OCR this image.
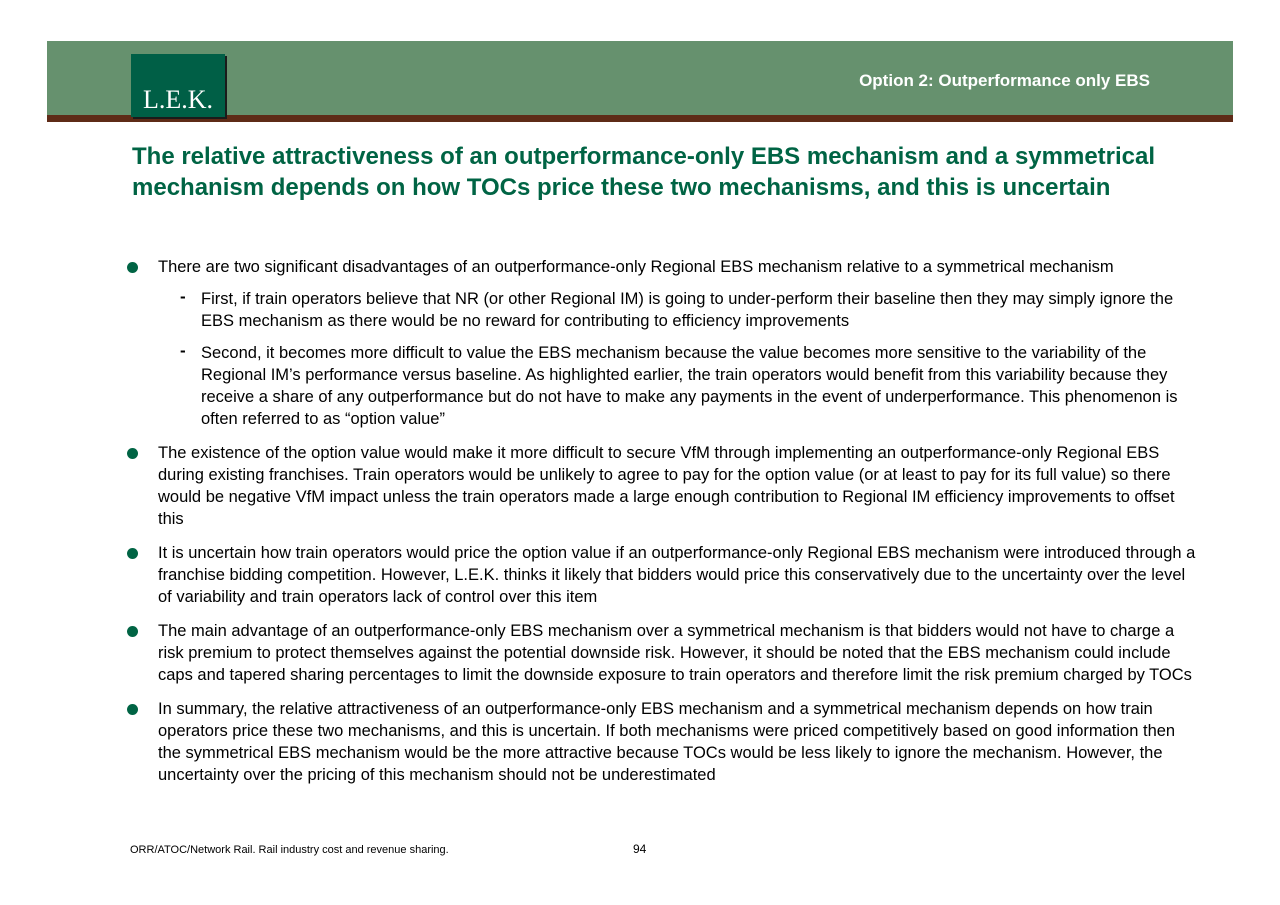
L.E.K.
Option 2: Outperformance only EBS
The relative attractiveness of an outperformance-only EBS mechanism and a symmetrical mechanism depends on how TOCs price these two mechanisms, and this is uncertain
There are two significant disadvantages of an outperformance-only Regional EBS mechanism relative to a symmetrical mechanism
- First, if train operators believe that NR (or other Regional IM) is going to under-perform their baseline then they may simply ignore the EBS mechanism as there would be no reward for contributing to efficiency improvements
- Second, it becomes more difficult to value the EBS mechanism because the value becomes more sensitive to the variability of the Regional IM’s performance versus baseline. As highlighted earlier, the train operators would benefit from this variability because they receive a share of any outperformance but do not have to make any payments in the event of underperformance. This phenomenon is often referred to as “option value”
The existence of the option value would make it more difficult to secure VfM through implementing an outperformance-only Regional EBS during existing franchises. Train operators would be unlikely to agree to pay for the option value (or at least to pay for its full value) so there would be negative VfM impact unless the train operators made a large enough contribution to Regional IM efficiency improvements to offset this
It is uncertain how train operators would price the option value if an outperformance-only Regional EBS mechanism were introduced through a franchise bidding competition. However, L.E.K. thinks it likely that bidders would price this conservatively due to the uncertainty over the level of variability and train operators lack of control over this item
The main advantage of an outperformance-only EBS mechanism over a symmetrical mechanism is that bidders would not have to charge a risk premium to protect themselves against the potential downside risk. However, it should be noted that the EBS mechanism could include caps and tapered sharing percentages to limit the downside exposure to train operators and therefore limit the risk premium charged by TOCs
In summary, the relative attractiveness of an outperformance-only EBS mechanism and a symmetrical mechanism depends on how train operators price these two mechanisms, and this is uncertain. If both mechanisms were priced competitively based on good information then the symmetrical EBS mechanism would be the more attractive because TOCs would be less likely to ignore the mechanism. However, the uncertainty over the pricing of this mechanism should not be underestimated
ORR/ATOC/Network Rail. Rail industry cost and revenue sharing.	94
